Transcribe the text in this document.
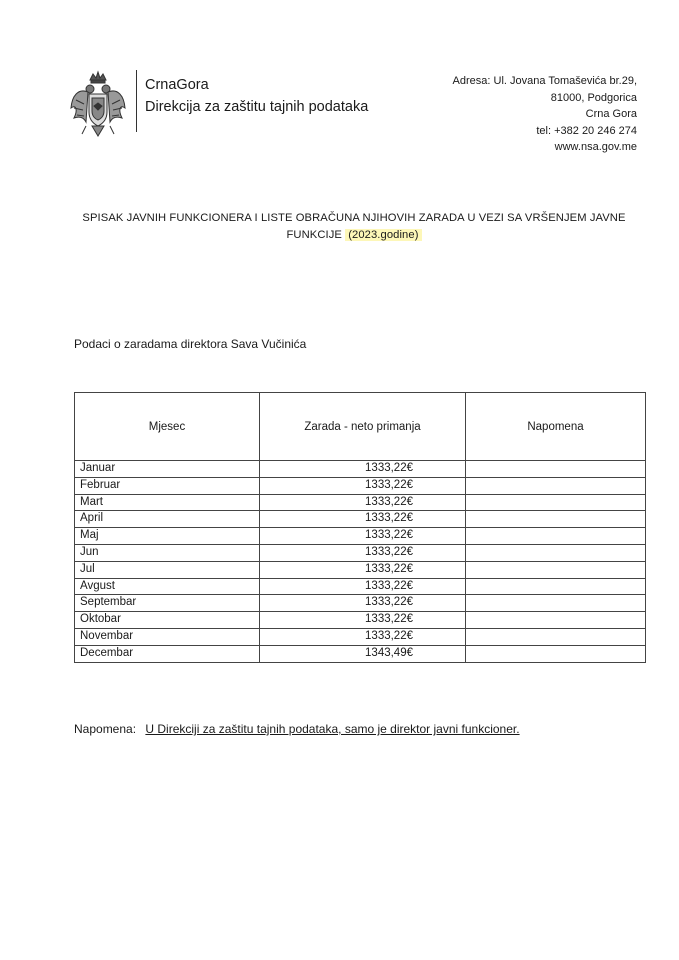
CrnaGora
Direkcija za zaštitu tajnih podataka
Adresa: Ul. Jovana Tomaševića br.29,
81000, Podgorica
Crna Gora
tel: +382 20 246 274
www.nsa.gov.me
SPISAK JAVNIH FUNKCIONERA I LISTE OBRAČUNA NJIHOVIH ZARADA U VEZI SA VRŠENJEM JAVNE
FUNKCIJE (2023.godine)
Podaci o zaradama direktora Sava Vučinića
Mjesec	Zarada - neto primanja	Napomena
Januar	1333,22€	
Februar	1333,22€	
Mart	1333,22€	
April	1333,22€	
Maj	1333,22€	
Jun	1333,22€	
Jul	1333,22€	
Avgust	1333,22€	
Septembar	1333,22€	
Oktobar	1333,22€	
Novembar	1333,22€	
Decembar	1343,49€	
Napomena: U Direkciji za zaštitu tajnih podataka, samo je direktor javni funkcioner.
